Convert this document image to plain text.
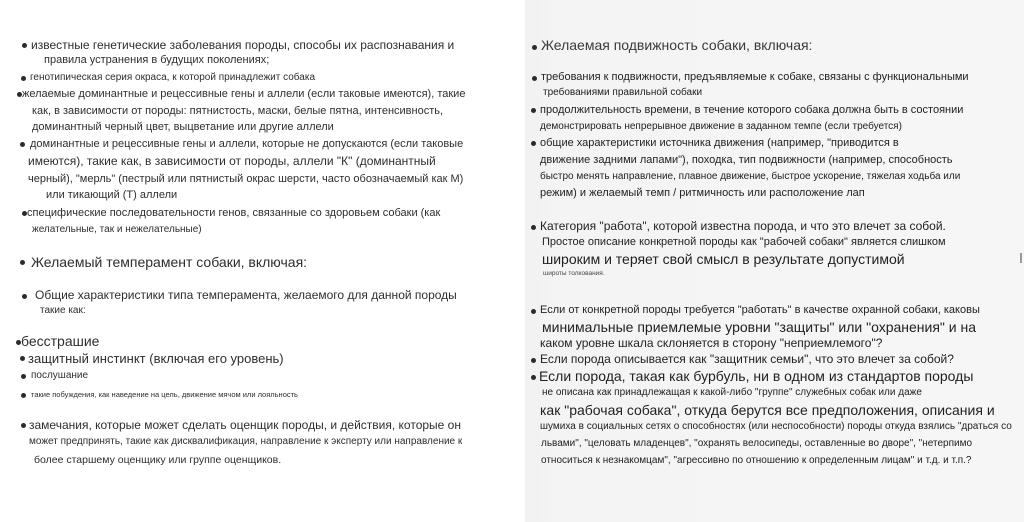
известные генетические заболевания породы, способы их распознавания и

правила устранения в будущих поколениях;

генотипическая серия окраса, к которой принадлежит собака

желаемые доминантные и рецессивные гены и аллели (если таковые имеются), такие

как, в зависимости от породы: пятнистость, маски, белые пятна, интенсивность,

доминантный черный цвет, выцветание или другие аллели

доминантные и рецессивные гены и аллели, которые не допускаются (если таковые

имеются), такие как, в зависимости от породы, аллели "К" (доминантный

черный), "мерль" (пестрый или пятнистый окрас шерсти, часто обозначаемый как М)

или тикающий (Т) аллели

специфические последовательности генов, связанные со здоровьем собаки (как

желательные, так и нежелательные)

Желаемый темперамент собаки, включая:

Общие характеристики типа темперамента, желаемого для данной породы

такие как:

бесстрашие

защитный инстинкт (включая его уровень)

послушание

такие побуждения, как наведение на цель, движение мячом или лояльность

замечания, которые может сделать оценщик породы, и действия, которые он

может предпринять, такие как дисквалификация, направление к эксперту или направление к

более старшему оценщику или группе оценщиков.

Желаемая подвижность собаки, включая:

требования к подвижности, предъявляемые к собаке, связаны с функциональными

требованиями правильной собаки

продолжительность времени, в течение которого собака должна быть в состоянии

демонстрировать непрерывное движение в заданном темпе (если требуется)

общие характеристики источника движения (например, "приводится в

движение задними лапами"), походка, тип подвижности (например, способность

быстро менять направление, плавное движение, быстрое ускорение, тяжелая ходьба или

режим) и желаемый темп / ритмичность или расположение лап

Категория "работа", которой известна порода, и что это влечет за собой.

Простое описание конкретной породы как "рабочей собаки" является слишком

широким и теряет свой смысл в результате допустимой

широты толкования.

Если от конкретной породы требуется "работать" в качестве охранной собаки, каковы

минимальные приемлемые уровни "защиты" или "охранения" и на

каком уровне шкала склоняется в сторону "неприемлемого"?

Если порода описывается как "защитник семьи", что это влечет за собой?

Если порода, такая как бурбуль, ни в одном из стандартов породы

не описана как принадлежащая к какой-либо "группе" служебных собак или даже

как "рабочая собака", откуда берутся все предположения, описания и

шумиха в социальных сетях о способностях (или неспособности) породы откуда взялись "драться со

львами", "целовать младенцев", "охранять велосипеды, оставленные во дворе", "нетерпимо

относиться к незнакомцам", "агрессивно по отношению к определенным лицам" и т.д. и т.п.?
